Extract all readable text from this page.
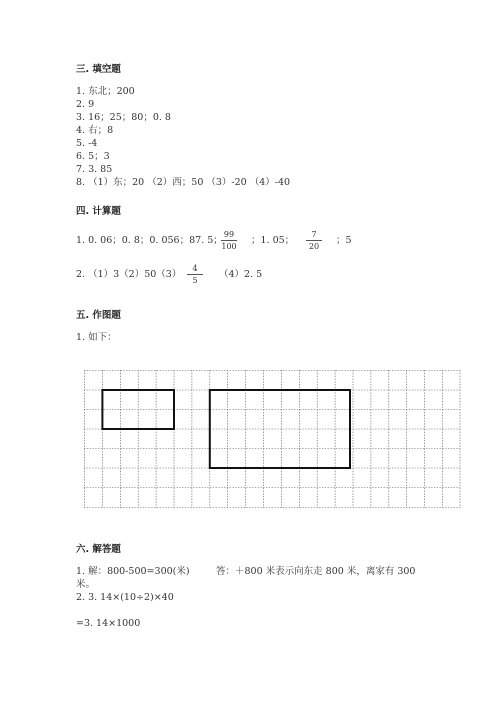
三. 填空题
1. 东北；200
2. 9
3. 16；25；80；0. 8
4. 右；8
5. -4
6. 5；3
7. 3. 85
8. （1）东；20 （2）西；50 （3）-20 （4）-40
四. 计算题
1. 0. 06；0. 8；0. 056；87. 5；
99
100
；1. 05；
7
20
；5
2. （1）3（2）50（3）
4
5
（4）2. 5
五. 作图题
1. 如下：
六. 解答题
1. 解：800-500=300(米)	答：＋800 米表示向东走 800 米，离家有 300
米。
2. 3. 14×(10÷2)×40
=3. 14×1000
